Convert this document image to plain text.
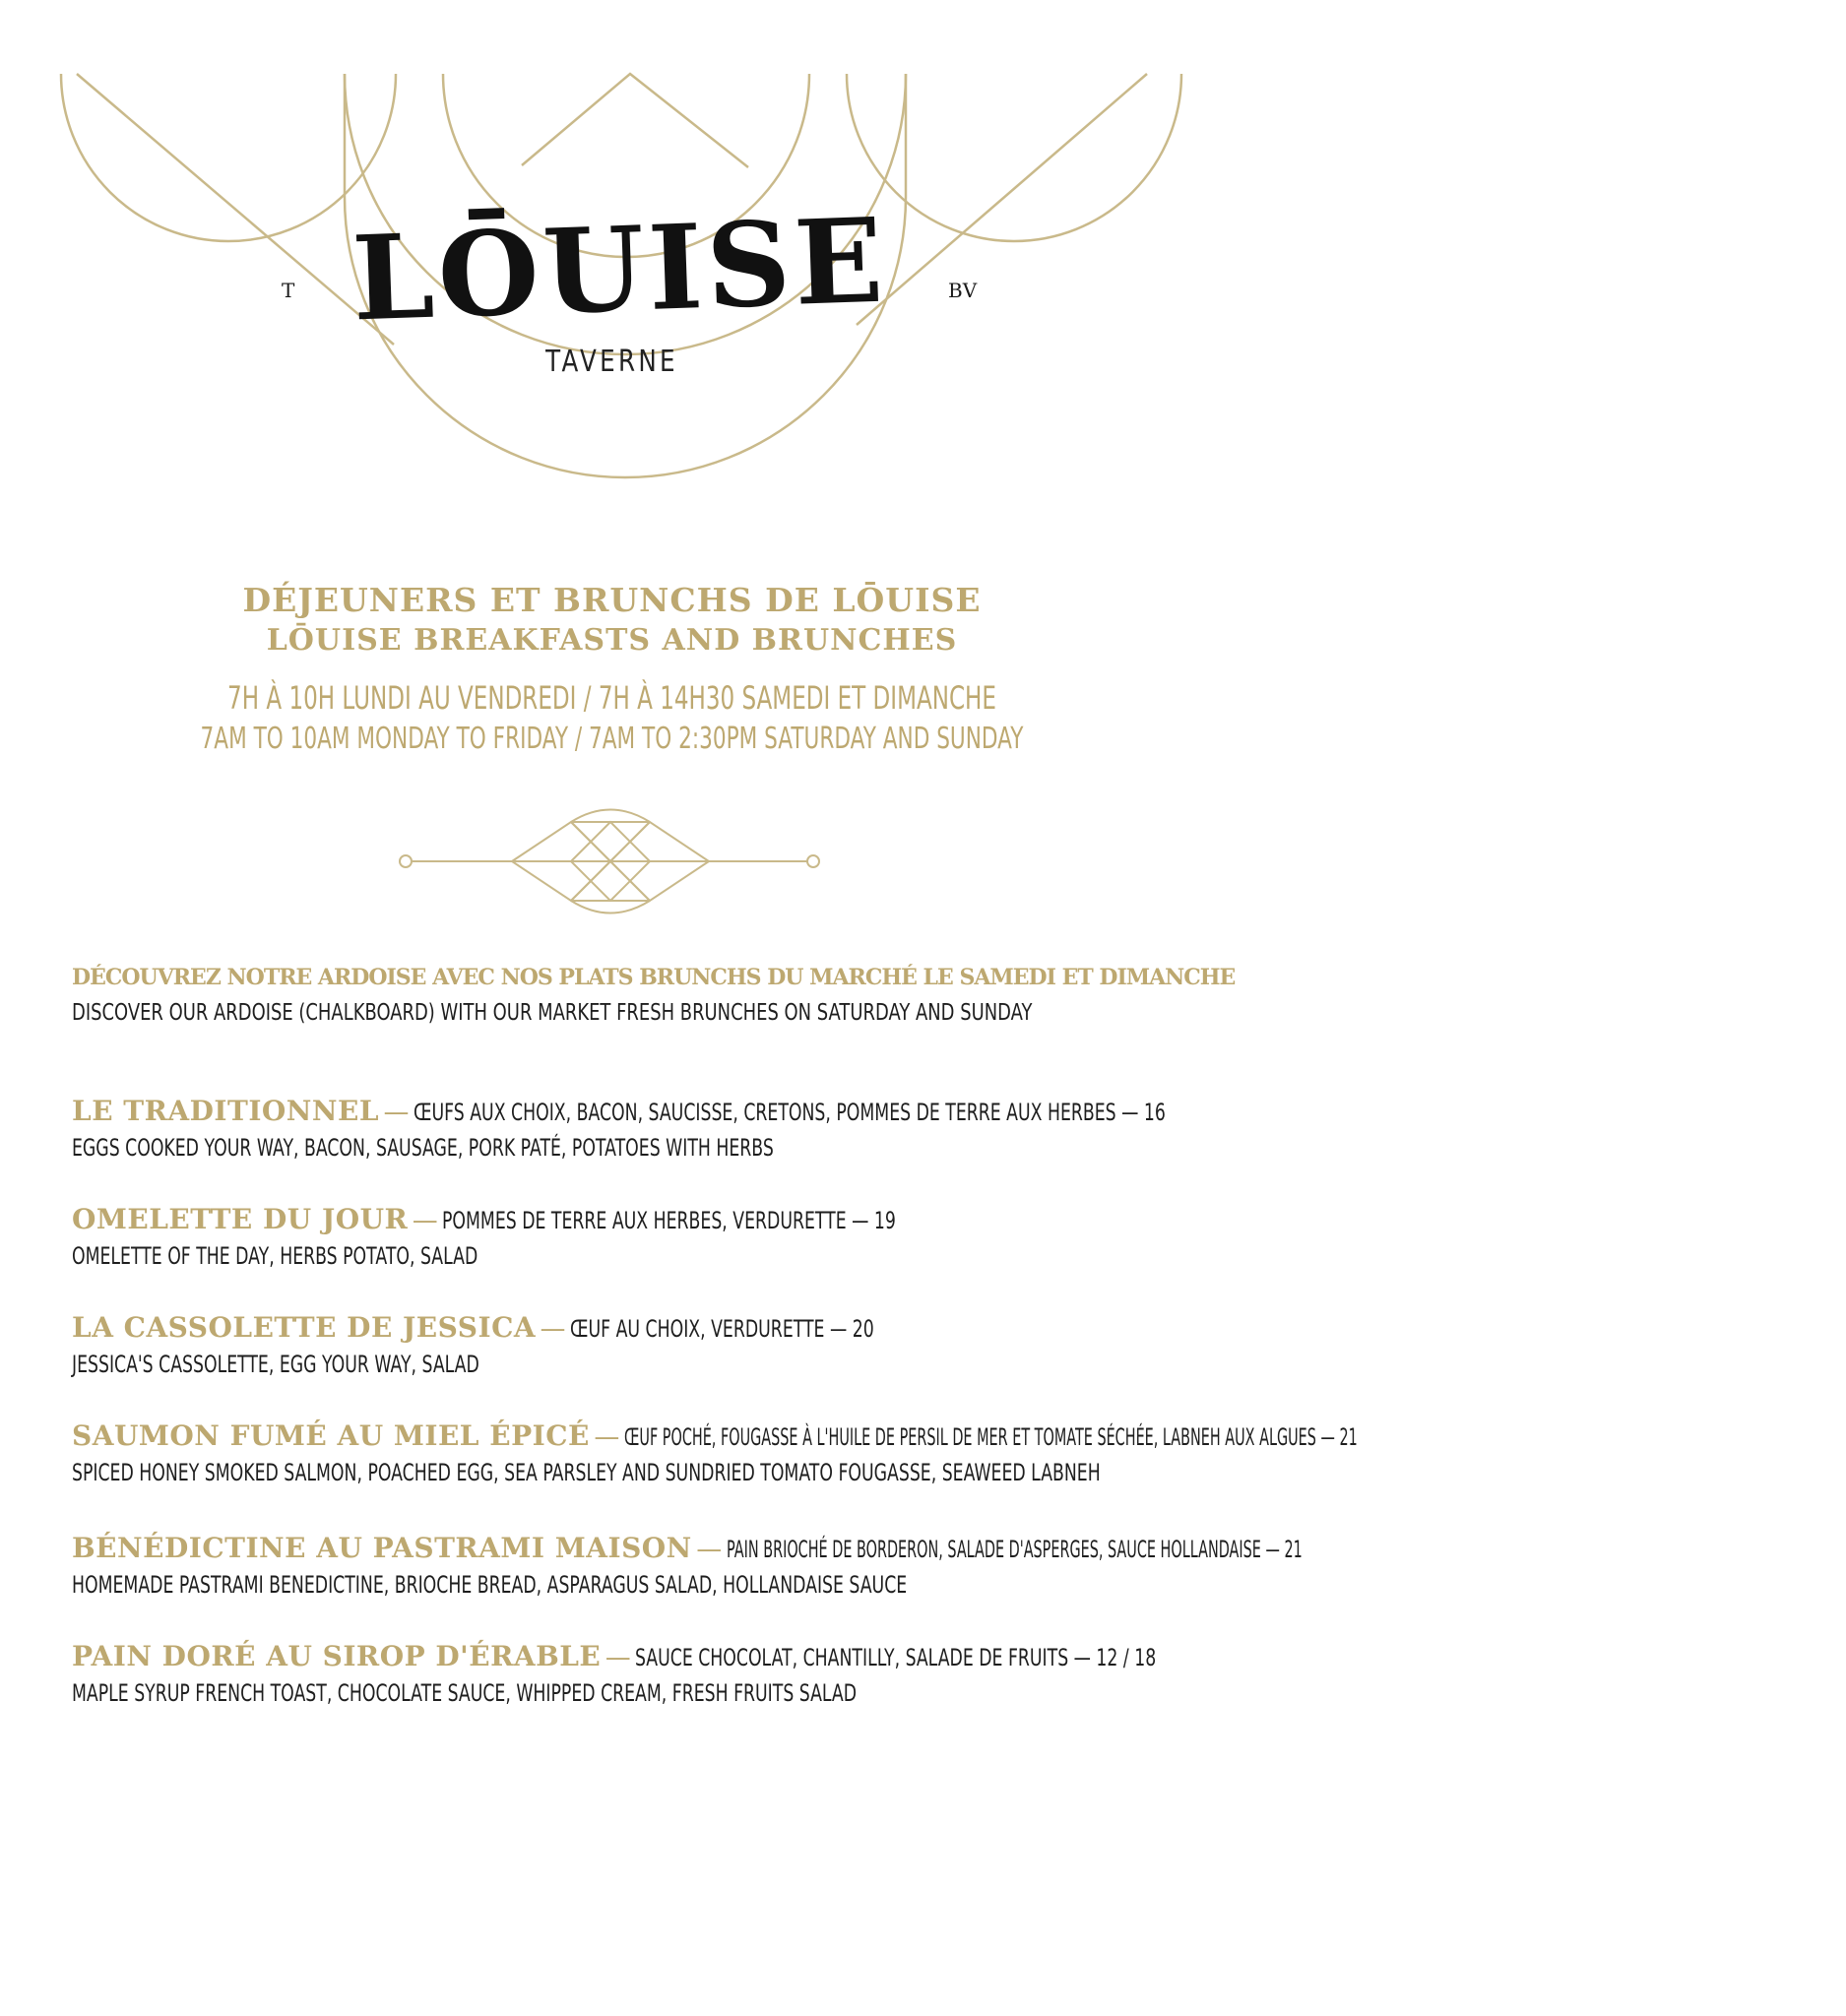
T	BV
LŌUISE
TAVERNE
DÉJEUNERS ET BRUNCHS DE LŌUISE
LŌUISE BREAKFASTS AND BRUNCHES
7H À 10H LUNDI AU VENDREDI / 7H À 14H30 SAMEDI ET DIMANCHE
7AM TO 10AM MONDAY TO FRIDAY / 7AM TO 2:30PM SATURDAY AND SUNDAY
DÉCOUVREZ NOTRE ARDOISE AVEC NOS PLATS BRUNCHS DU MARCHÉ LE SAMEDI ET DIMANCHE
DISCOVER OUR ARDOISE (CHALKBOARD) WITH OUR MARKET FRESH BRUNCHES ON SATURDAY AND SUNDAY
LE TRADITIONNEL — ŒUFS AUX CHOIX, BACON, SAUCISSE, CRETONS, POMMES DE TERRE AUX HERBES — 16
EGGS COOKED YOUR WAY, BACON, SAUSAGE, PORK PATÉ, POTATOES WITH HERBS
OMELETTE DU JOUR — POMMES DE TERRE AUX HERBES, VERDURETTE — 19
OMELETTE OF THE DAY, HERBS POTATO, SALAD
LA CASSOLETTE DE JESSICA — ŒUF AU CHOIX, VERDURETTE — 20
JESSICA'S CASSOLETTE, EGG YOUR WAY, SALAD
SAUMON FUMÉ AU MIEL ÉPICÉ — ŒUF POCHÉ, FOUGASSE À L'HUILE DE PERSIL DE MER ET TOMATE SÉCHÉE, LABNEH AUX ALGUES — 21
SPICED HONEY SMOKED SALMON, POACHED EGG, SEA PARSLEY AND SUNDRIED TOMATO FOUGASSE, SEAWEED LABNEH
BÉNÉDICTINE AU PASTRAMI MAISON — PAIN BRIOCHÉ DE BORDERON, SALADE D'ASPERGES, SAUCE HOLLANDAISE — 21
HOMEMADE PASTRAMI BENEDICTINE, BRIOCHE BREAD, ASPARAGUS SALAD, HOLLANDAISE SAUCE
PAIN DORÉ AU SIROP D'ÉRABLE — SAUCE CHOCOLAT, CHANTILLY, SALADE DE FRUITS — 12 / 18
MAPLE SYRUP FRENCH TOAST, CHOCOLATE SAUCE, WHIPPED CREAM, FRESH FRUITS SALAD
